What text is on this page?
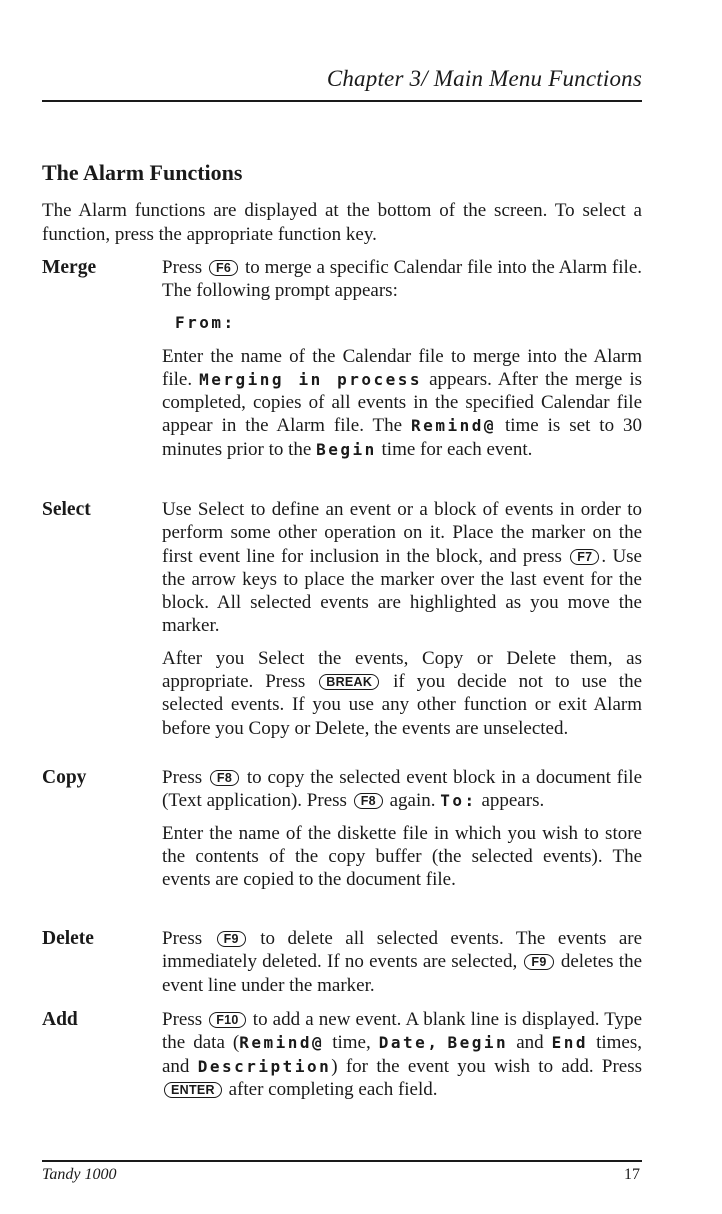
Chapter 3/ Main Menu Functions
The Alarm Functions
The Alarm functions are displayed at the bottom of the screen. To select a function, press the appropriate function key.
Merge	Press F6 to merge a specific Calendar file into the Alarm file. The following prompt appears:

From:

Enter the name of the Calendar file to merge into the Alarm file. Merging in process appears. After the merge is completed, copies of all events in the specified Calendar file appear in the Alarm file. The Remind@ time is set to 30 minutes prior to the Begin time for each event.

Select	Use Select to define an event or a block of events in order to perform some other operation on it. Place the marker on the first event line for inclusion in the block, and press F7 . Use the arrow keys to place the marker over the last event for the block. All selected events are highlighted as you move the marker.

After you Select the events, Copy or Delete them, as appropriate. Press BREAK if you decide not to use the selected events. If you use any other function or exit Alarm before you Copy or Delete, the events are unselected.

Copy	Press F8 to copy the selected event block in a document file (Text application). Press F8 again. To: appears.

Enter the name of the diskette file in which you wish to store the contents of the copy buffer (the selected events). The events are copied to the document file.

Delete	Press F9 to delete all selected events. The events are immediately deleted. If no events are selected, F9 deletes the event line under the marker.

Add	Press F10 to add a new event. A blank line is displayed. Type the data (Remind@ time, Date, Begin and End times, and Description) for the event you wish to add. Press ENTER after completing each field.

Tandy 1000	17
